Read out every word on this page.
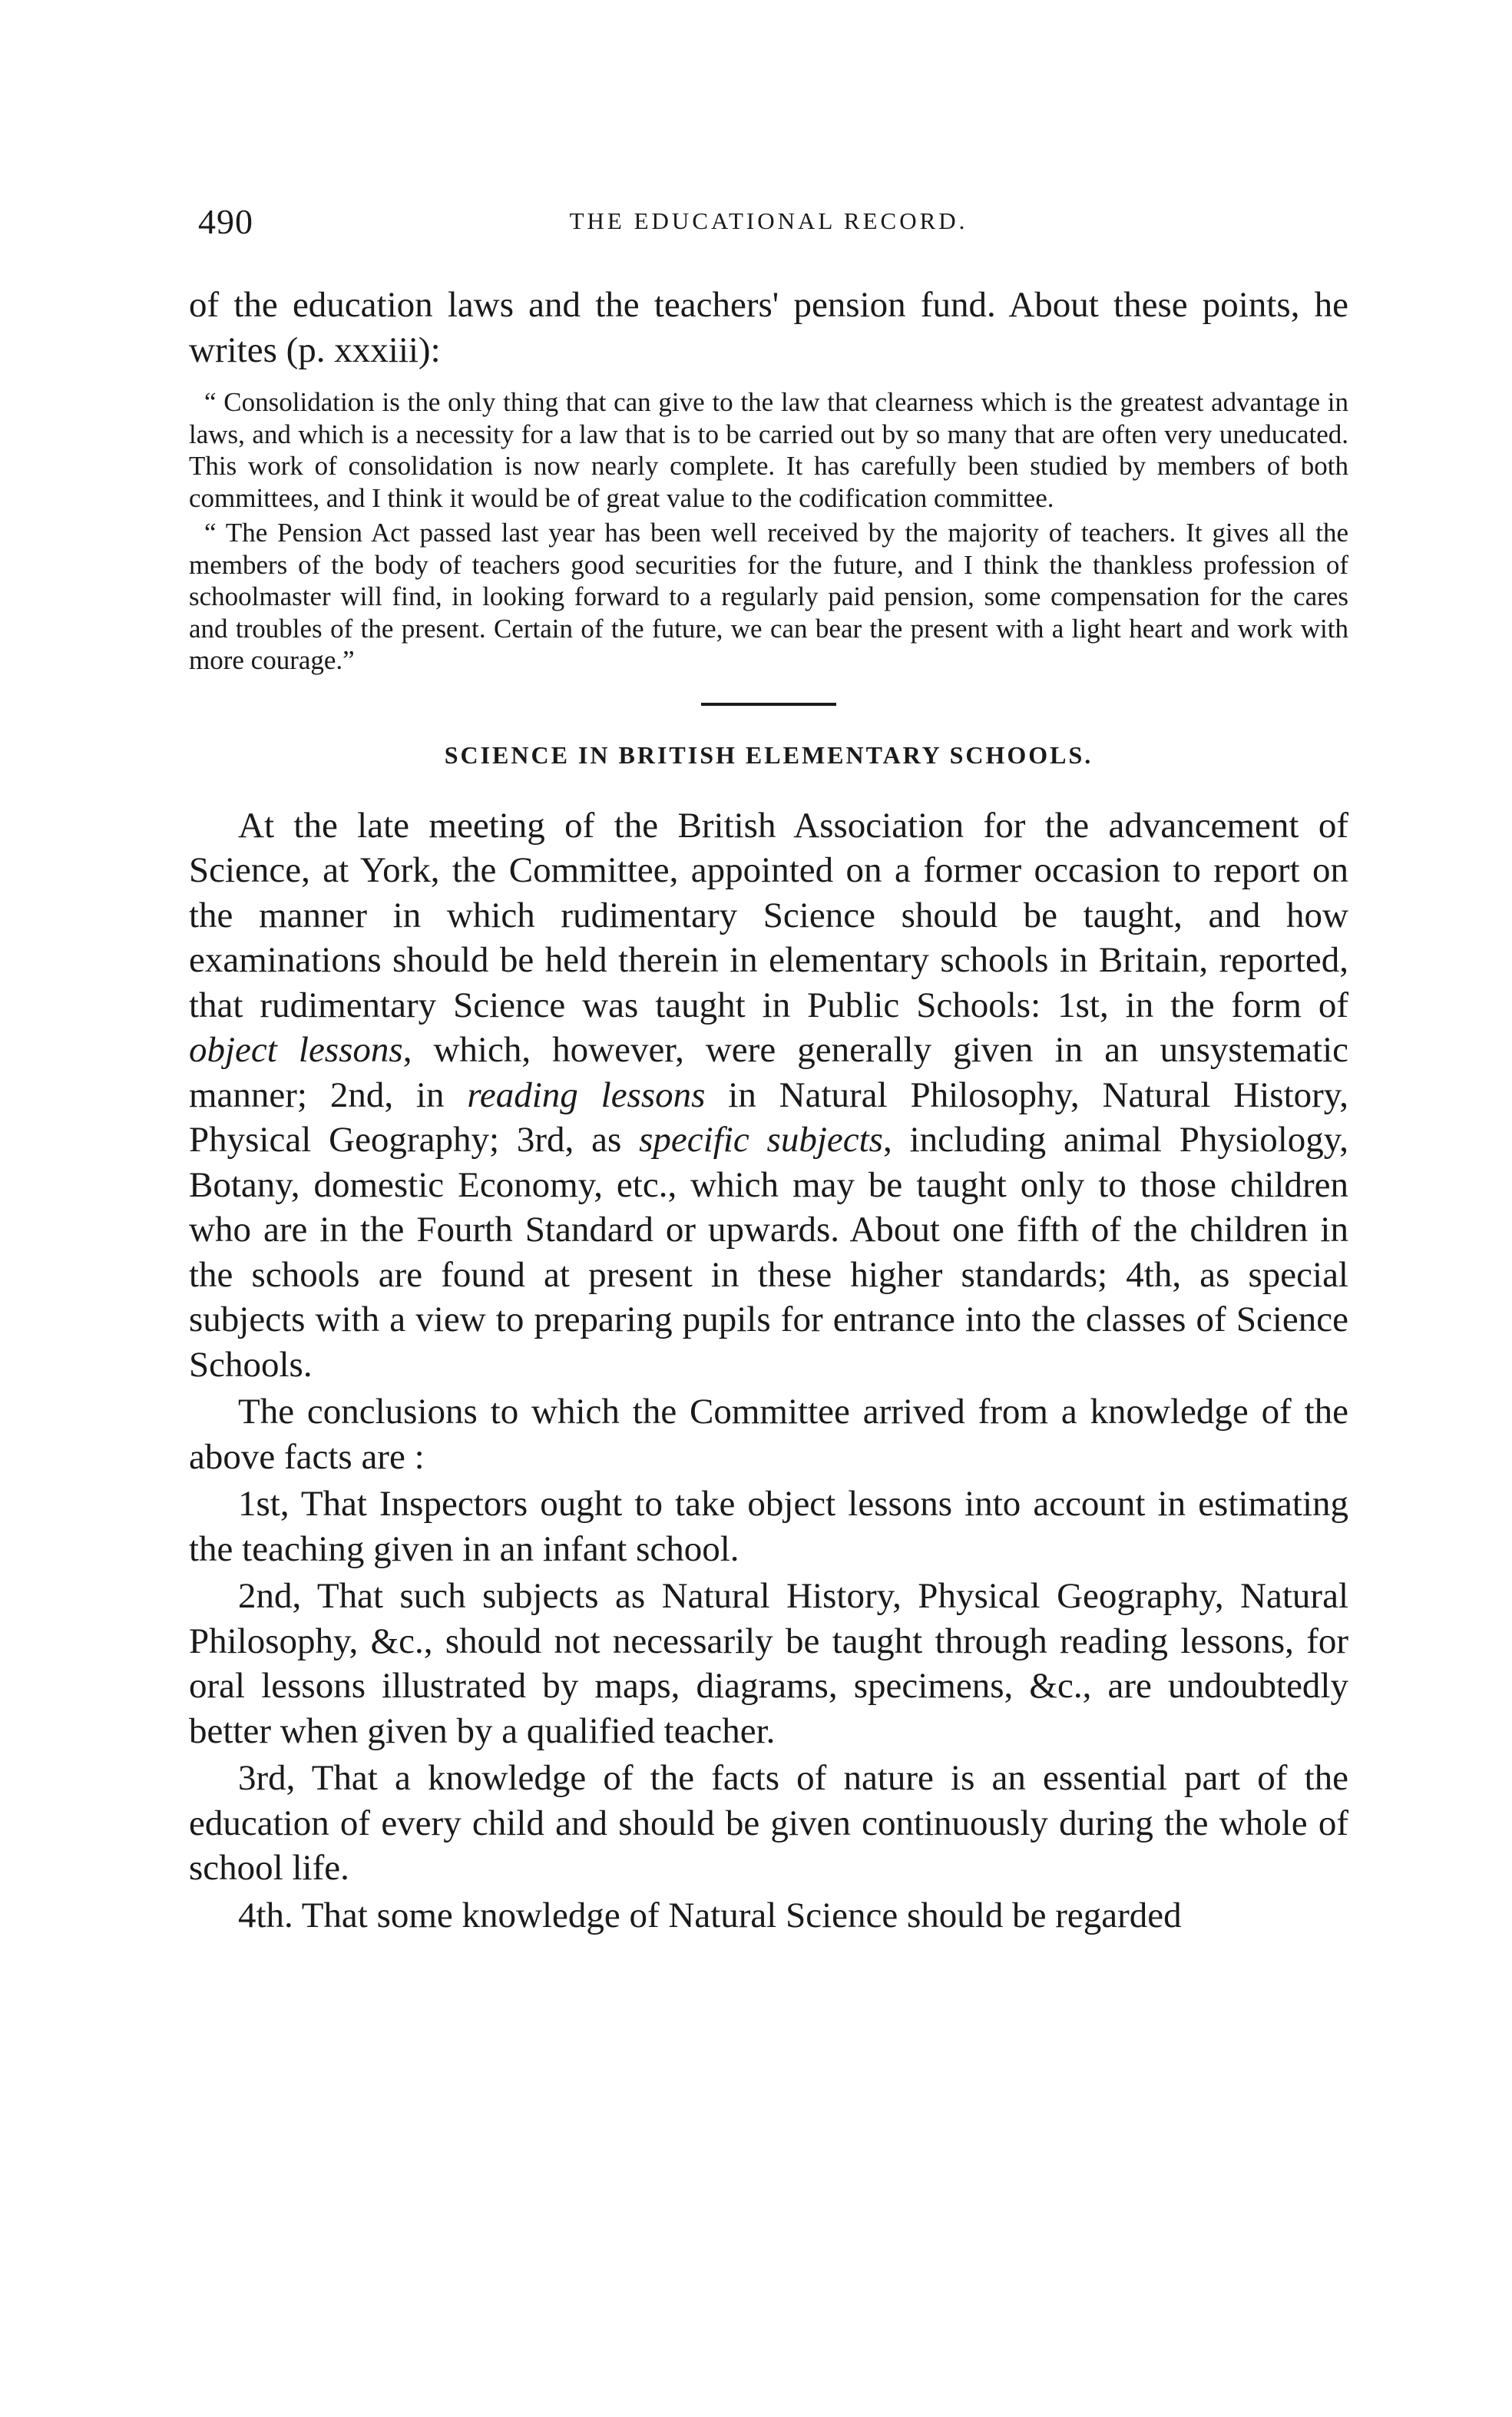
490	THE EDUCATIONAL RECORD.

of the education laws and the teachers' pension fund. About these points, he writes (p. xxxiii):

“ Consolidation is the only thing that can give to the law that clearness which is the greatest advantage in laws, and which is a necessity for a law that is to be carried out by so many that are often very uneducated. This work of consolidation is now nearly complete. It has carefully been studied by members of both committees, and I think it would be of great value to the codification committee.

“ The Pension Act passed last year has been well received by the majority of teachers. It gives all the members of the body of teachers good securities for the future, and I think the thankless profession of schoolmaster will find, in looking forward to a regularly paid pension, some compensation for the cares and troubles of the present. Certain of the future, we can bear the present with a light heart and work with more courage.”

SCIENCE IN BRITISH ELEMENTARY SCHOOLS.

At the late meeting of the British Association for the advancement of Science, at York, the Committee, appointed on a former occasion to report on the manner in which rudimentary Science should be taught, and how examinations should be held therein in elementary schools in Britain, reported, that rudimentary Science was taught in Public Schools: 1st, in the form of object lessons, which, however, were generally given in an unsystematic manner; 2nd, in reading lessons in Natural Philosophy, Natural History, Physical Geography; 3rd, as specific subjects, including animal Physiology, Botany, domestic Economy, etc., which may be taught only to those children who are in the Fourth Standard or upwards. About one fifth of the children in the schools are found at present in these higher standards; 4th, as special subjects with a view to preparing pupils for entrance into the classes of Science Schools.

The conclusions to which the Committee arrived from a knowledge of the above facts are :

1st, That Inspectors ought to take object lessons into account in estimating the teaching given in an infant school.

2nd, That such subjects as Natural History, Physical Geography, Natural Philosophy, &c., should not necessarily be taught through reading lessons, for oral lessons illustrated by maps, diagrams, specimens, &c., are undoubtedly better when given by a qualified teacher.

3rd, That a knowledge of the facts of nature is an essential part of the education of every child and should be given continuously during the whole of school life.

4th. That some knowledge of Natural Science should be regarded
